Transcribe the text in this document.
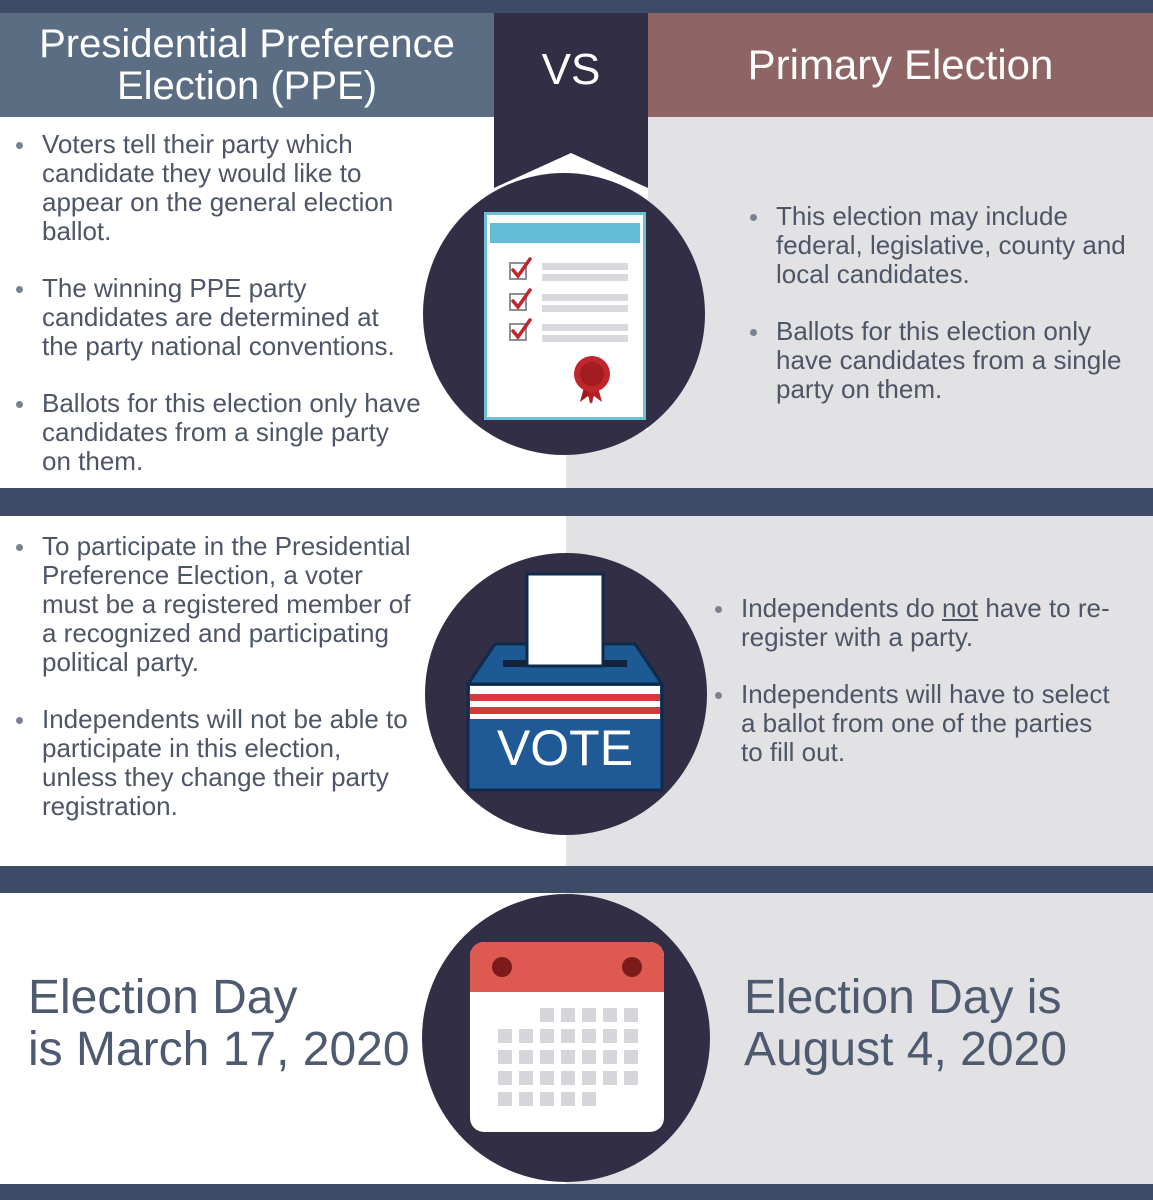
Presidential Preference
Election (PPE)	Primary Election
VS
Voters tell their party which candidate they would like to appear on the general election ballot.
The winning PPE party candidates are determined at the party national conventions.
Ballots for this election only have candidates from a single party on them.
This election may include federal, legislative, county and local candidates.
Ballots for this election only have candidates from a single party on them.
To participate in the Presidential Preference Election, a voter must be a registered member of a recognized and participating political party.
Independents will not be able to participate in this election, unless they change their party registration.
Independents do not have to re-register with a party.
Independents will have to select a ballot from one of the parties to fill out.
VOTE
Election Day
is March 17, 2020
Election Day is
August 4, 2020
